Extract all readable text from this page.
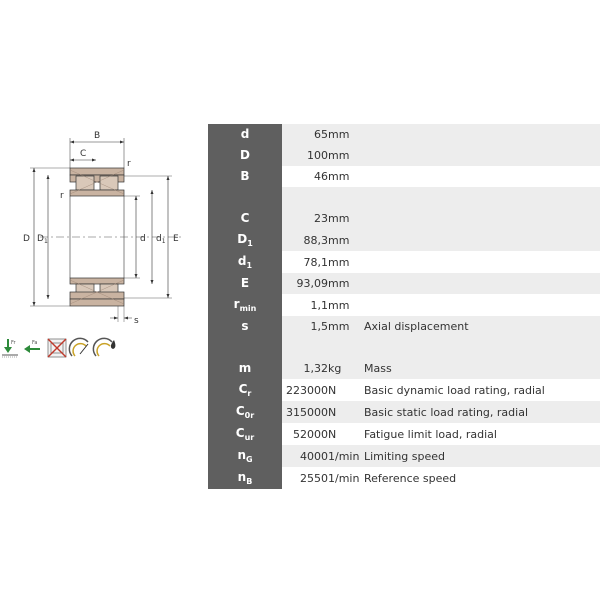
B
C
r
r
D $D_1$	d $d_1$ E
s
Fr	Fa
d	65	mm	
D	100	mm	
B	46	mm	

C	23	mm	
$D_1$	88,3	mm	
$d_1$	78,1	mm	
E	93,09	mm	
$r_{min}$	1,1	mm	
s	1,5	mm	Axial displacement

m	1,32	kg	Mass
$C_r$	223000	N	Basic dynamic load rating, radial
$C_{0r}$	315000	N	Basic static load rating, radial
$C_{ur}$	52000	N	Fatigue limit load, radial
$n_G$	4000	1/min	Limiting speed
$n_B$	2550	1/min	Reference speed
